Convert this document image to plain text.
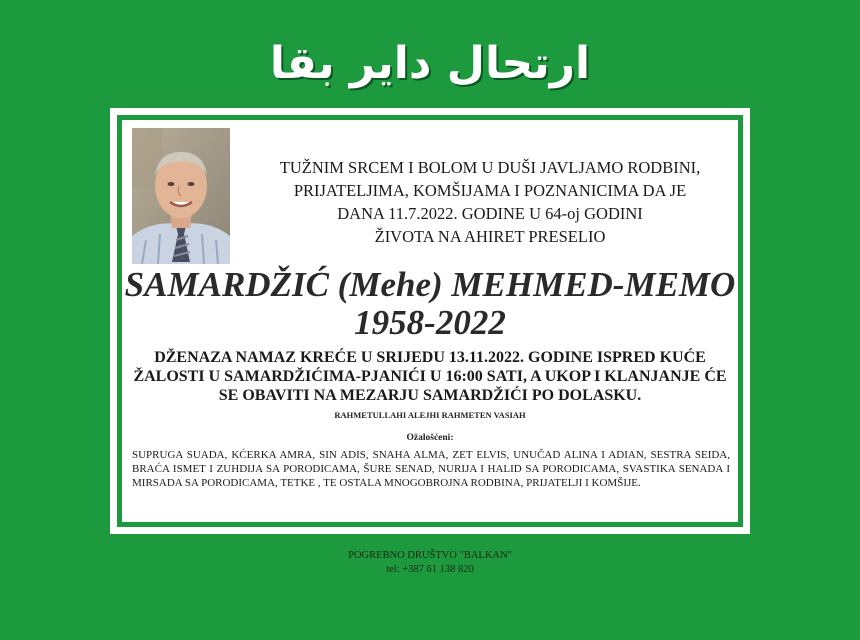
ارتحال داير بقا
TUŽNIM SRCEM I BOLOM U DUŠI JAVLJAMO RODBINI,
PRIJATELJIMA, KOMŠIJAMA I POZNANICIMA DA JE
DANA 11.7.2022. GODINE U 64-oj GODINI
ŽIVOTA NA AHIRET PRESELIO
SAMARDŽIĆ (Mehe) MEHMED-MEMO
1958-2022
DŽENAZA NAMAZ KREĆE U SRIJEDU 13.11.2022. GODINE ISPRED KUĆE
ŽALOSTI U SAMARDŽIĆIMA-PJANIĆI U 16:00 SATI, A UKOP I KLANJANJE ĆE
SE OBAVITI NA MEZARJU SAMARDŽIĆI PO DOLASKU.
RAHMETULLAHI ALEJHI RAHMETEN VASIAH
Ožalošćeni:
SUPRUGA SUADA, KĆERKA AMRA, SIN ADIS, SNAHA ALMA, ZET ELVIS, UNUČAD ALINA I ADIAN, SESTRA SEIDA, BRAĆA ISMET I ZUHDIJA SA PORODICAMA, ŠURE SENAD, NURIJA I HALID SA PORODICAMA, SVASTIKA SENADA I MIRSADA SA PORODICAMA, TETKE , TE OSTALA MNOGOBROJNA RODBINA, PRIJATELJI I KOMŠIJE.
POGREBNO DRUŠTVO "BALKAN"
tel: +387 61 138 820
